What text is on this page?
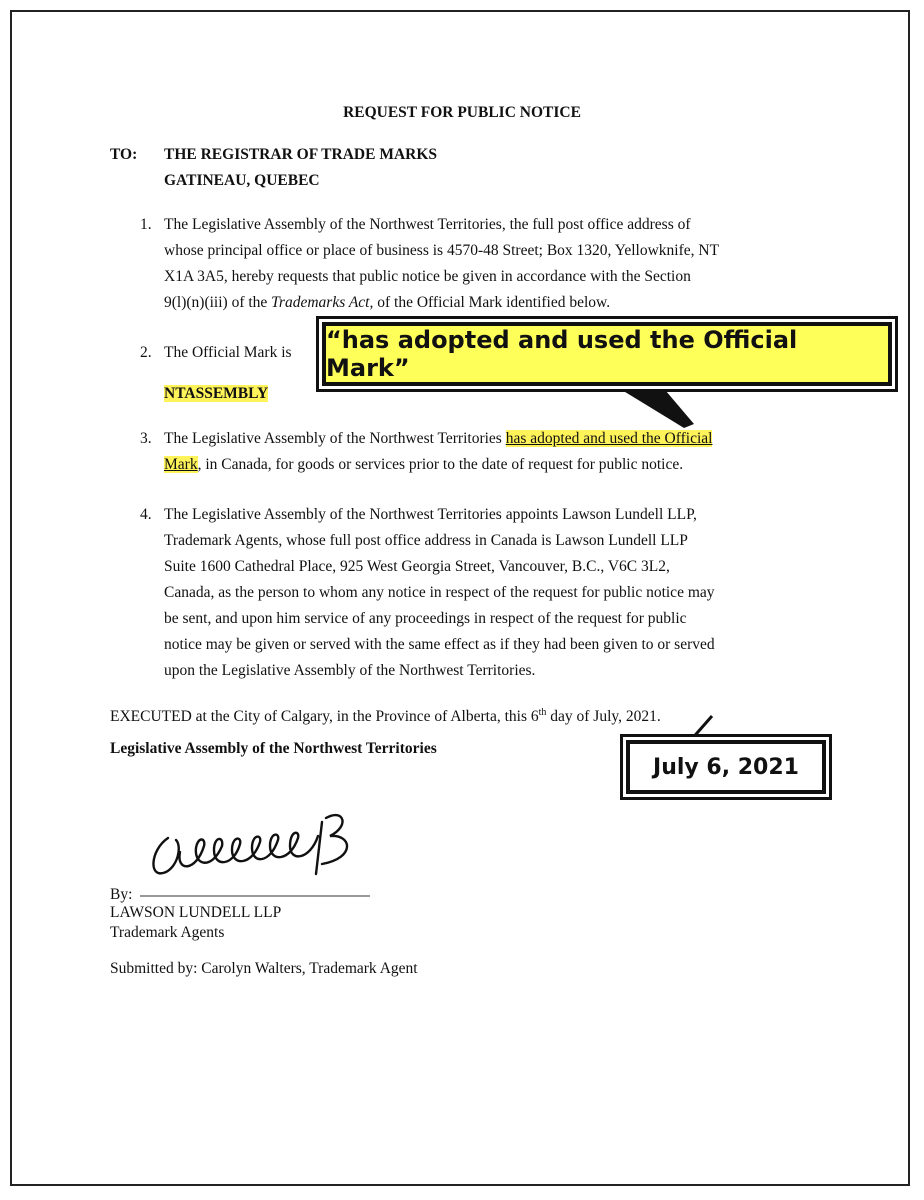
REQUEST FOR PUBLIC NOTICE
TO: THE REGISTRAR OF TRADE MARKS
GATINEAU, QUEBEC
1. The Legislative Assembly of the Northwest Territories, the full post office address of
whose principal office or place of business is 4570-48 Street; Box 1320, Yellowknife, NT
X1A 3A5, hereby requests that public notice be given in accordance with the Section
9(l)(n)(iii) of the Trademarks Act, of the Official Mark identified below.
2. The Official Mark is
NTASSEMBLY
3. The Legislative Assembly of the Northwest Territories has adopted and used the Official
Mark, in Canada, for goods or services prior to the date of request for public notice.
4. The Legislative Assembly of the Northwest Territories appoints Lawson Lundell LLP,
Trademark Agents, whose full post office address in Canada is Lawson Lundell LLP
Suite 1600 Cathedral Place, 925 West Georgia Street, Vancouver, B.C., V6C 3L2,
Canada, as the person to whom any notice in respect of the request for public notice may
be sent, and upon him service of any proceedings in respect of the request for public
notice may be given or served with the same effect as if they had been given to or served
upon the Legislative Assembly of the Northwest Territories.
EXECUTED at the City of Calgary, in the Province of Alberta, this 6th day of July, 2021.
Legislative Assembly of the Northwest Territories
By:
LAWSON LUNDELL LLP
Trademark Agents
Submitted by: Carolyn Walters, Trademark Agent
“has adopted and used the Official Mark”
July 6, 2021
